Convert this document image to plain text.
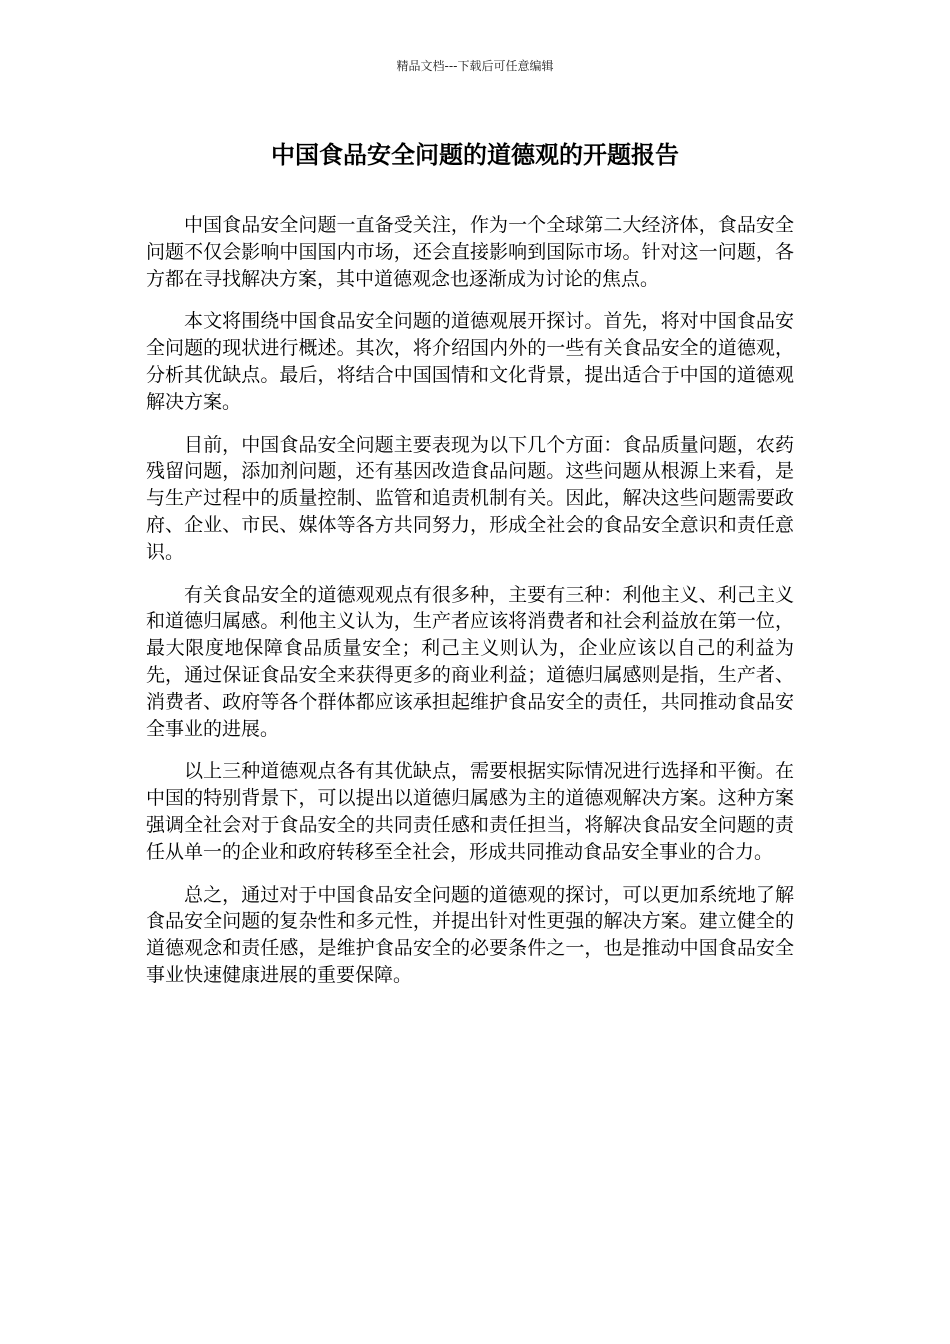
精品文档---下载后可任意编辑
中国食品安全问题的道德观的开题报告

中国食品安全问题一直备受关注，作为一个全球第二大经济体，食品安全问题不仅会影响中国国内市场，还会直接影响到国际市场。针对这一问题，各方都在寻找解决方案，其中道德观念也逐渐成为讨论的焦点。

本文将围绕中国食品安全问题的道德观展开探讨。首先，将对中国食品安全问题的现状进行概述。其次，将介绍国内外的一些有关食品安全的道德观，分析其优缺点。最后，将结合中国国情和文化背景，提出适合于中国的道德观解决方案。

目前，中国食品安全问题主要表现为以下几个方面：食品质量问题，农药残留问题，添加剂问题，还有基因改造食品问题。这些问题从根源上来看，是与生产过程中的质量控制、监管和追责机制有关。因此，解决这些问题需要政府、企业、市民、媒体等各方共同努力，形成全社会的食品安全意识和责任意识。

有关食品安全的道德观观点有很多种，主要有三种：利他主义、利己主义和道德归属感。利他主义认为，生产者应该将消费者和社会利益放在第一位，最大限度地保障食品质量安全；利己主义则认为，企业应该以自己的利益为先，通过保证食品安全来获得更多的商业利益；道德归属感则是指，生产者、消费者、政府等各个群体都应该承担起维护食品安全的责任，共同推动食品安全事业的进展。

以上三种道德观点各有其优缺点，需要根据实际情况进行选择和平衡。在中国的特别背景下，可以提出以道德归属感为主的道德观解决方案。这种方案强调全社会对于食品安全的共同责任感和责任担当，将解决食品安全问题的责任从单一的企业和政府转移至全社会，形成共同推动食品安全事业的合力。

总之，通过对于中国食品安全问题的道德观的探讨，可以更加系统地了解食品安全问题的复杂性和多元性，并提出针对性更强的解决方案。建立健全的道德观念和责任感，是维护食品安全的必要条件之一，也是推动中国食品安全事业快速健康进展的重要保障。
